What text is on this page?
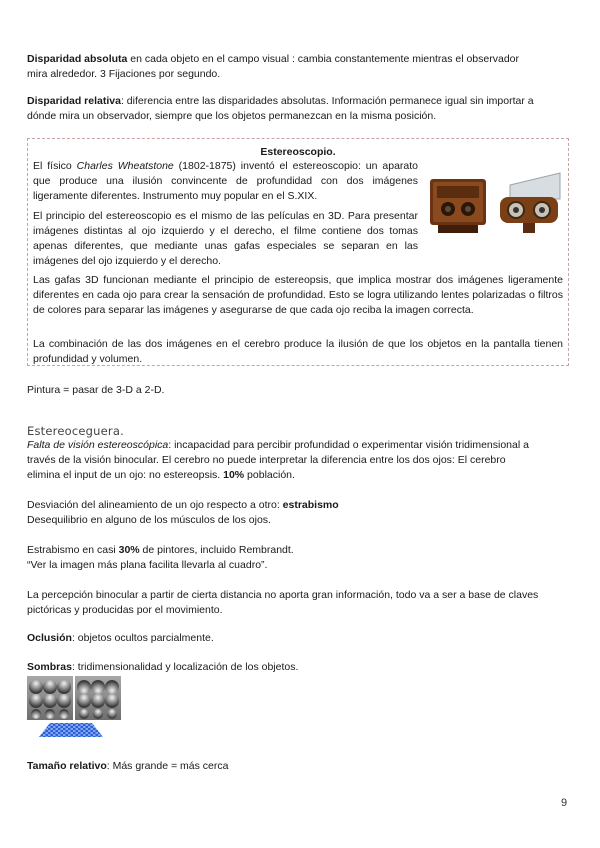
Disparidad absoluta en cada objeto en el campo visual : cambia constantemente mientras el observador

mira alrededor. 3 Fijaciones por segundo.

Disparidad relativa: diferencia entre las disparidades absolutas. Información permanece igual sin importar a

dónde mira un observador, siempre que los objetos permanezcan en la misma posición.

Estereoscopio.

El físico Charles Wheatstone (1802-1875) inventó el estereoscopio: un aparato que produce una ilusión convincente de profundidad con dos imágenes ligeramente diferentes. Instrumento muy popular en el S.XIX.

El principio del estereoscopio es el mismo de las películas en 3D. Para presentar imágenes distintas al ojo izquierdo y el derecho, el filme contiene dos tomas apenas diferentes, que mediante unas gafas especiales se separan en las imágenes del ojo izquierdo y el derecho.

Las gafas 3D funcionan mediante el principio de estereopsis, que implica mostrar dos imágenes ligeramente diferentes en cada ojo para crear la sensación de profundidad. Esto se logra utilizando lentes polarizadas o filtros de colores para separar las imágenes y asegurarse de que cada ojo reciba la imagen correcta.

La combinación de las dos imágenes en el cerebro produce la ilusión de que los objetos en la pantalla tienen profundidad y volumen.

Pintura = pasar de 3-D a 2-D.

Estereoceguera.

Falta de visión estereoscópica: incapacidad para percibir profundidad o experimentar visión tridimensional a

través de la visión binocular. El cerebro no puede interpretar la diferencia entre los dos ojos: El cerebro

elimina el input de un ojo: no estereopsis. 10% población.

Desviación del alineamiento de un ojo respecto a otro: estrabismo

Desequilibrio en alguno de los músculos de los ojos.

Estrabismo en casi 30% de pintores, incluido Rembrandt.

“Ver la imagen más plana facilita llevarla al cuadro”.

La percepción binocular a partir de cierta distancia no aporta gran información, todo va a ser a base de claves

pictóricas y producidas por el movimiento.

Oclusión: objetos ocultos parcialmente.

Sombras: tridimensionalidad y localización de los objetos.

Tamaño relativo: Más grande = más cerca

9
